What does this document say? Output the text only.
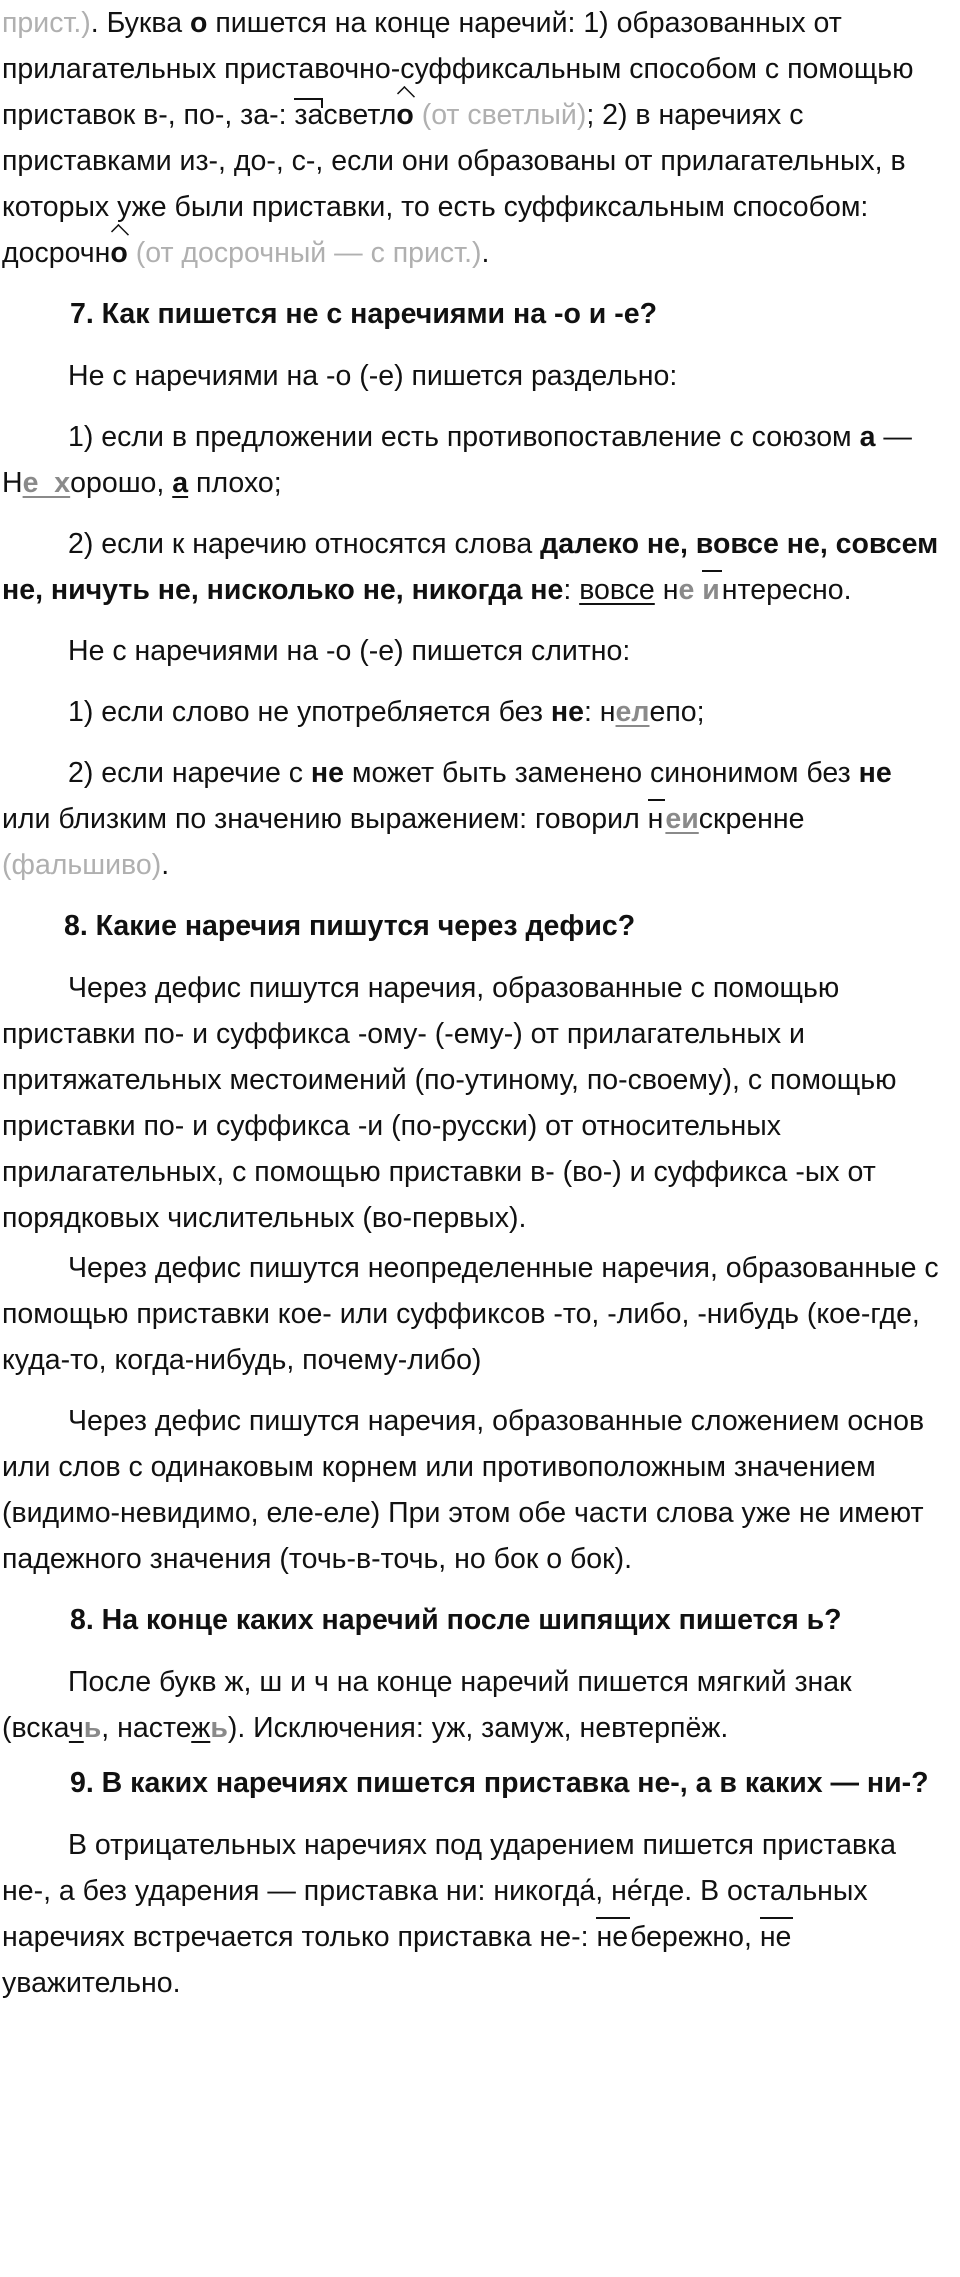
прист.). Буква о пишется на конце наречий: 1) образованных от прилагательных приставочно-суффиксальным способом с помощью приставок в-, по-, за-: засветло (от светлый); 2) в наречиях с приставками из-, до-, с-, если они образованы от прилагательных, в которых уже были приставки, то есть суффиксальным способом: досрочно (от досрочный — с прист.).

7. Как пишется не с наречиями на -о и -е?

Не с наречиями на -о (-е) пишется раздельно:

1) если в предложении есть противопоставление с союзом а — Не  хорошо, а плохо;

2) если к наречию относятся слова далеко не, вовсе не, совсем не, ничуть не, нисколько не, никогда не: вовсе не интересно.

Не с наречиями на -о (-е) пишется слитно:

1) если слово не употребляется без не: нелепо;

2) если наречие с не может быть заменено синонимом без не или близким по значению выражением: говорил неискренне (фальшиво).

8. Какие наречия пишутся через дефис?

Через дефис пишутся наречия, образованные с помощью приставки по- и суффикса -ому- (-ему-) от прилагательных и притяжательных местоимений (по-утиному, по-своему), с помощью приставки по- и суффикса -и (по-русски) от относительных прилагательных, с помощью приставки в- (во-) и суффикса -ых от порядковых числительных (во-первых).

Через дефис пишутся неопределенные наречия, образованные с помощью приставки кое- или суффиксов -то, -либо, -нибудь (кое-где, куда-то, когда-нибудь, почему-либо)

Через дефис пишутся наречия, образованные сложением основ или слов с одинаковым корнем или противоположным значением (видимо-невидимо, еле-еле) При этом обе части слова уже не имеют падежного значения (точь-в-точь, но бок о бок).

8. На конце каких наречий после шипящих пишется ь?

После букв ж, ш и ч на конце наречий пишется мягкий знак (вскачь, настежь). Исключения: уж, замуж, невтерпёж.

9. В каких наречиях пишется приставка не-, а в каких — ни-?

В отрицательных наречиях под ударением пишется приставка не-, а без ударения — приставка ни: никогда́, не́где. В остальных наречиях встречается только приставка не-: небережно, неуважительно.
